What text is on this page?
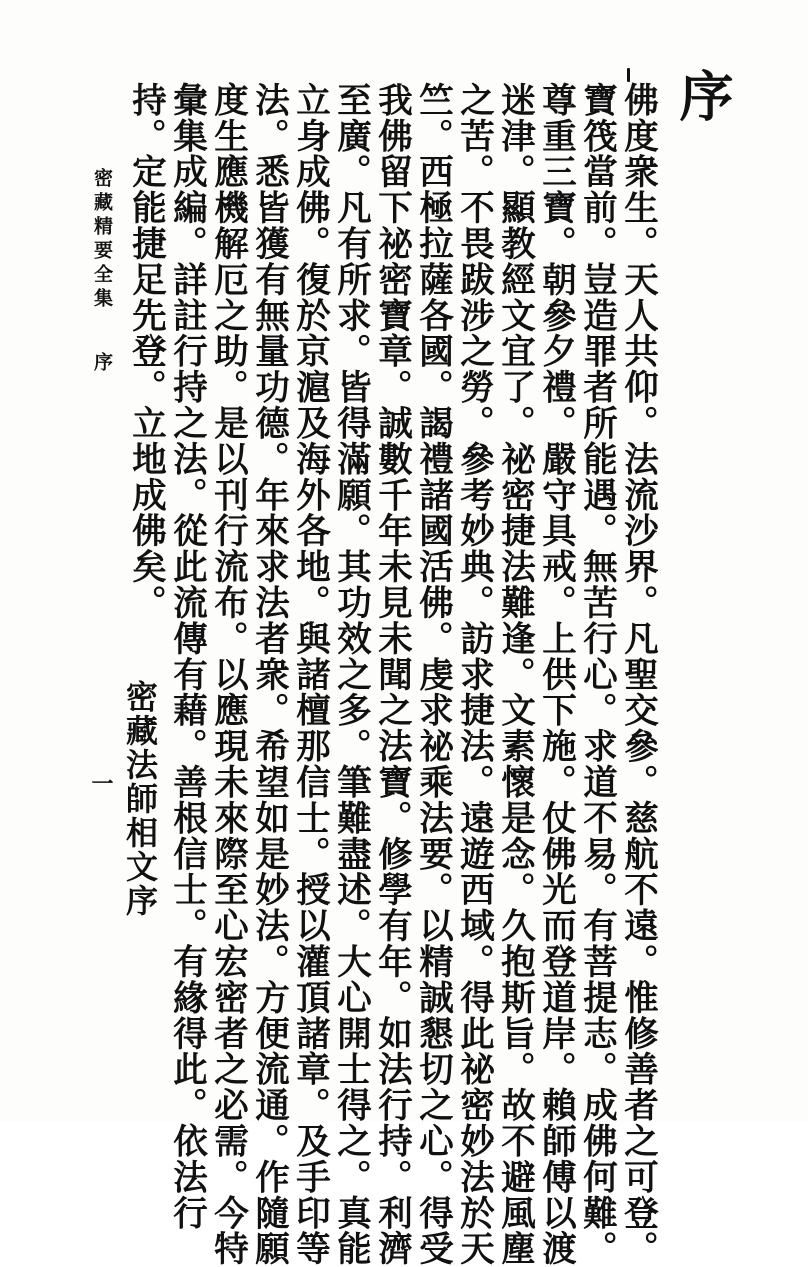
序
佛度衆生。天人共仰。法流沙界。凡聖交參。慈航不遠。惟修善者之可登。
寶筏當前。豈造罪者所能遇。無苦行心。求道不易。有菩提志。成佛何難。
尊重三寶。朝參夕禮。嚴守具戒。上供下施。仗佛光而登道岸。賴師傅以渡
迷津。顯教經文宜了。祕密捷法難逢。文素懷是念。久抱斯旨。故不避風塵
之苦。不畏跋涉之勞。參考妙典。訪求捷法。遠遊西域。得此祕密妙法於天
竺。西極拉薩各國。謁禮諸國活佛。虔求祕乘法要。以精誠懇切之心。得受
我佛留下祕密寶章。誠數千年未見未聞之法寶。修學有年。如法行持。利濟
至廣。凡有所求。皆得滿願。其功效之多。筆難盡述。大心開士得之。真能
立身成佛。復於京滬及海外各地。與諸檀那信士。授以灌頂諸章。及手印等
法。悉皆獲有無量功德。年來求法者衆。希望如是妙法。方便流通。作隨願
度生應機解厄之助。是以刊行流布。以應現未來際至心宏密者之必需。今特
彙集成編。詳註行持之法。從此流傳有藉。善根信士。有緣得此。依法行
持。定能捷足先登。立地成佛矣。
密藏法師相文序
密藏精要全集
序
一
